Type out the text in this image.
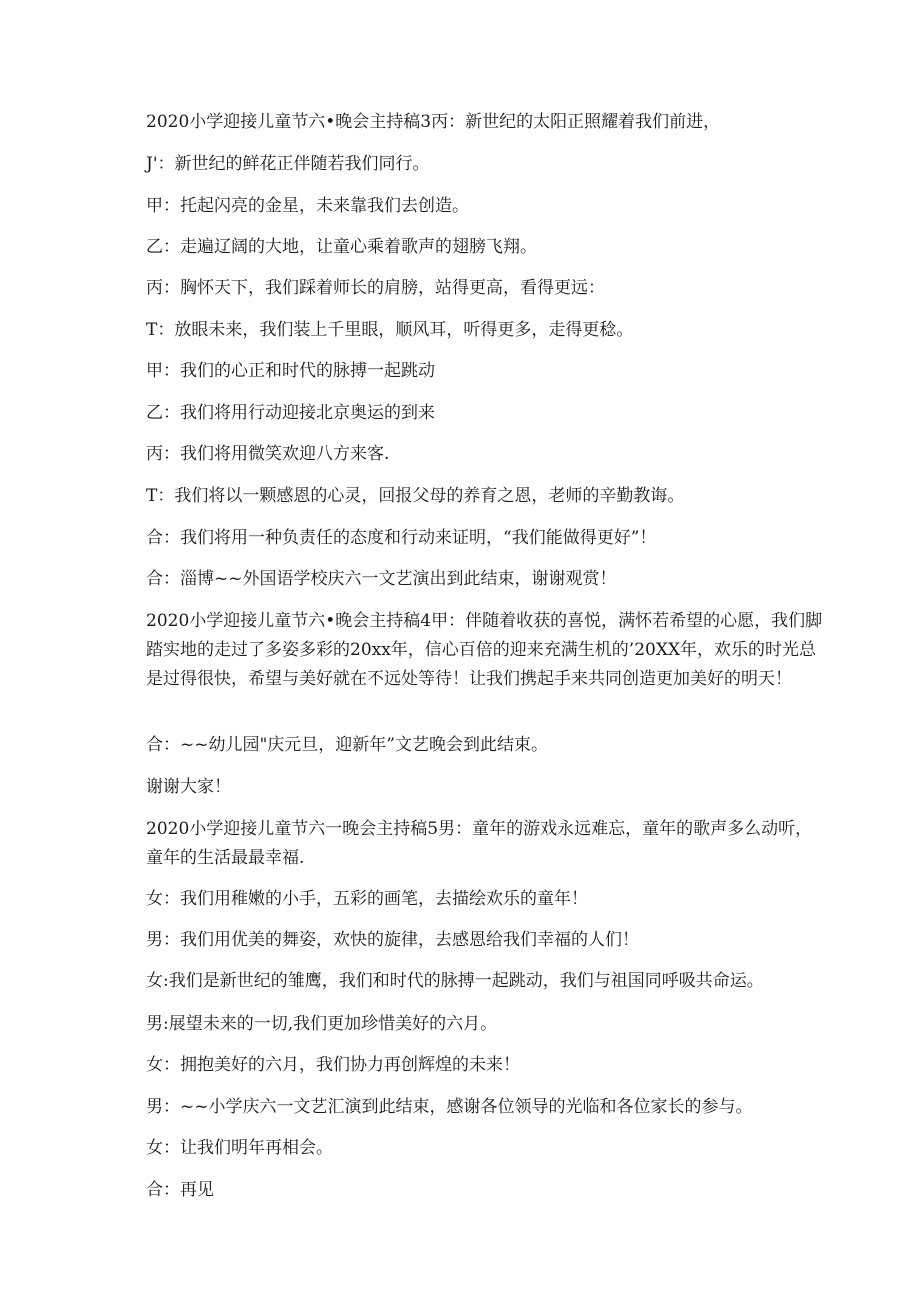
2020小学迎接儿童节六•晚会主持稿3丙：新世纪的太阳正照耀着我们前进，

J'：新世纪的鲜花正伴随若我们同行。

甲：托起闪亮的金星，未来靠我们去创造。

乙：走遍辽阔的大地，让童心乘着歌声的翅膀飞翔。

丙：胸怀天下，我们踩着师长的肩膀，站得更高，看得更远：

T：放眼未来，我们装上千里眼，顺风耳，听得更多，走得更稔。

甲：我们的心正和时代的脉搏一起跳动

乙：我们将用行动迎接北京奥运的到来

丙：我们将用微笑欢迎八方来客.

T：我们将以一颗感恩的心灵，回报父母的养育之恩，老师的辛勤教诲。

合：我们将用一种负责任的态度和行动来证明，“我们能做得更好”！

合：淄博~~外国语学校庆六一文艺演出到此结束，谢谢观赏！

2020小学迎接儿童节六•晚会主持稿4甲：伴随着收获的喜悦，满怀若希望的心愿，我们脚踏实地的走过了多姿多彩的20xx年，信心百倍的迎来充满生机的’20XX年，欢乐的时光总是过得很快，希望与美好就在不远处等待！让我们携起手来共同创造更加美好的明天！

合：~~幼儿园"庆元旦，迎新年”文艺晚会到此结束。

谢谢大家！

2020小学迎接儿童节六一晚会主持稿5男：童年的游戏永远难忘，童年的歌声多么动听，童年的生活最最幸福.

女：我们用稚嫩的小手，五彩的画笔，去描绘欢乐的童年！

男：我们用优美的舞姿，欢快的旋律，去感恩给我们幸福的人们！

女:我们是新世纪的雏鹰，我们和时代的脉搏一起跳动，我们与祖国同呼吸共命运。

男:展望未来的一切,我们更加珍惜美好的六月。

女：拥抱美好的六月，我们协力再创辉煌的未来！

男：~~小学庆六一文艺汇演到此结束，感谢各位领导的光临和各位家长的参与。

女：让我们明年再相会。

合：再见
